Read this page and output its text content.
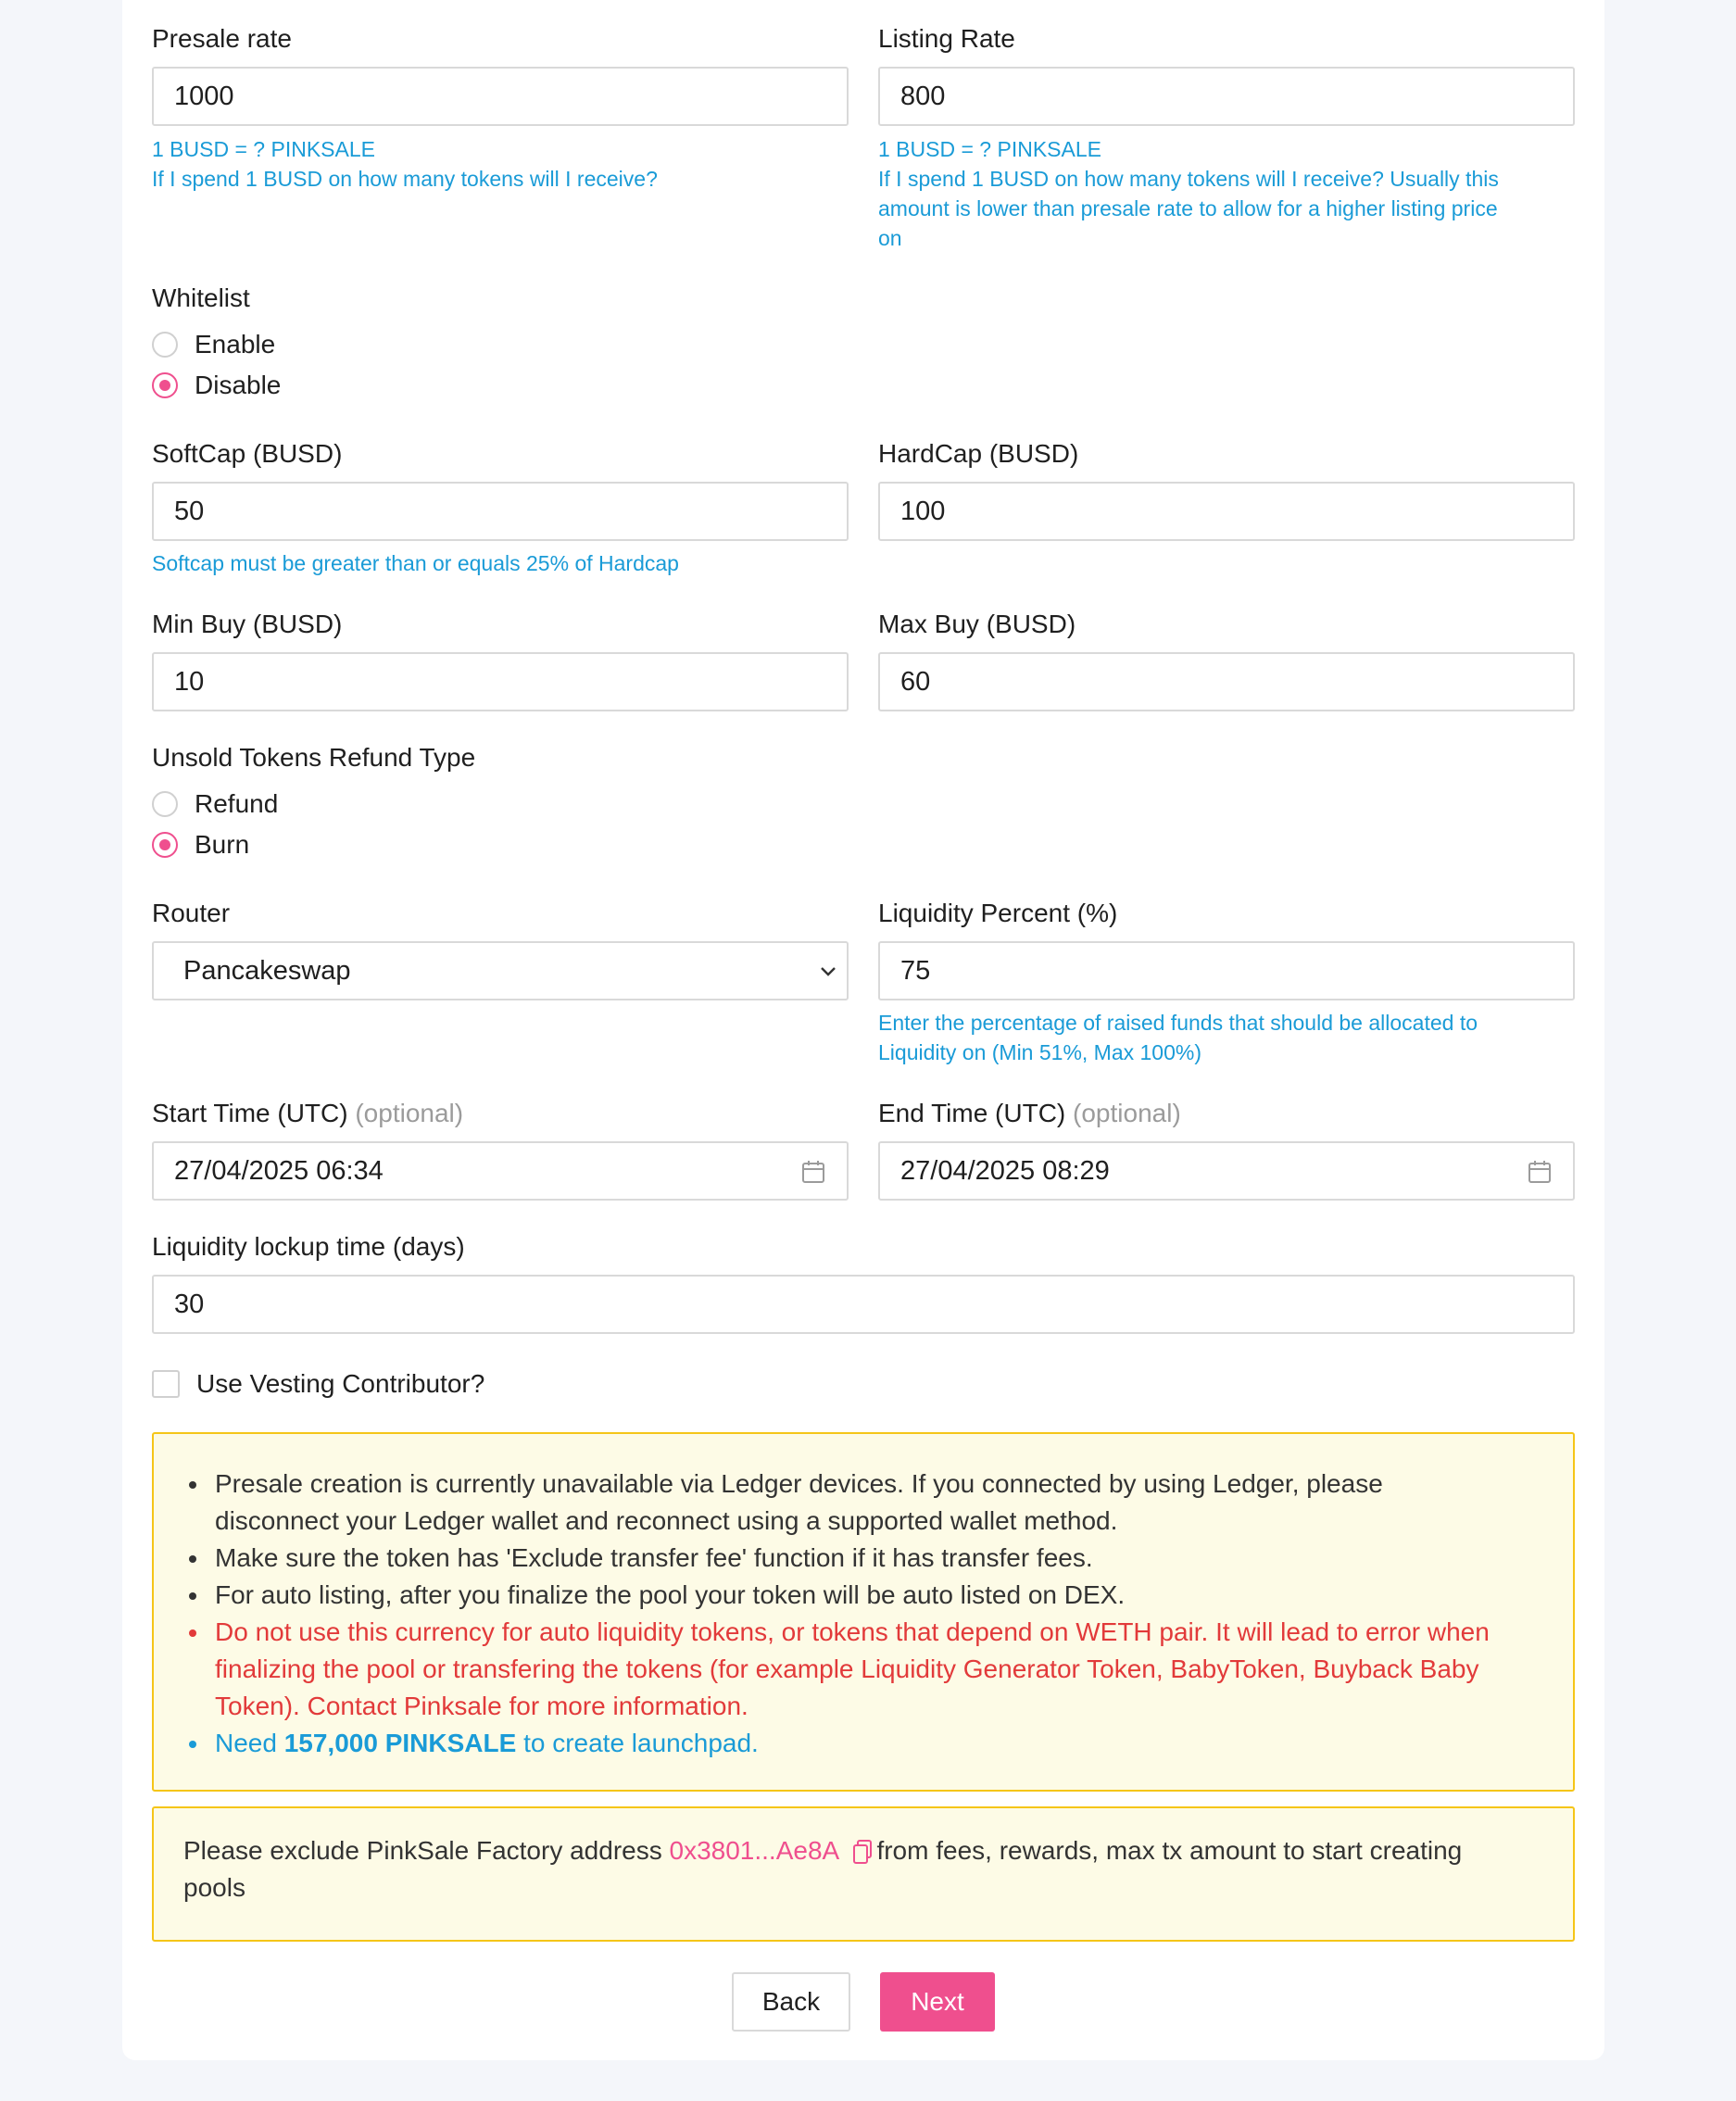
Presale rate
1000
1 BUSD = ? PINKSALE
If I spend 1 BUSD on how many tokens will I receive?
Listing Rate
800
1 BUSD = ? PINKSALE
If I spend 1 BUSD on how many tokens will I receive? Usually this
amount is lower than presale rate to allow for a higher listing price
on
Whitelist
Enable
Disable
SoftCap (BUSD)
50
Softcap must be greater than or equals 25% of Hardcap
HardCap (BUSD)
100
Min Buy (BUSD)
10
Max Buy (BUSD)
60
Unsold Tokens Refund Type
Refund
Burn
Router
Pancakeswap
Liquidity Percent (%)
75
Enter the percentage of raised funds that should be allocated to
Liquidity on (Min 51%, Max 100%)
Start Time (UTC) (optional)
27/04/2025 06:34
End Time (UTC) (optional)
27/04/2025 08:29
Liquidity lockup time (days)
30
Use Vesting Contributor?
Presale creation is currently unavailable via Ledger devices. If you connected by using Ledger, please
disconnect your Ledger wallet and reconnect using a supported wallet method.
Make sure the token has 'Exclude transfer fee' function if it has transfer fees.
For auto listing, after you finalize the pool your token will be auto listed on DEX.
Do not use this currency for auto liquidity tokens, or tokens that depend on WETH pair. It will lead to error when
finalizing the pool or transfering the tokens (for example Liquidity Generator Token, BabyToken, Buyback Baby
Token). Contact Pinksale for more information.
Need 157,000 PINKSALE to create launchpad.
Please exclude PinkSale Factory address 0x3801...Ae8A from fees, rewards, max tx amount to start creating
pools
Back	Next
